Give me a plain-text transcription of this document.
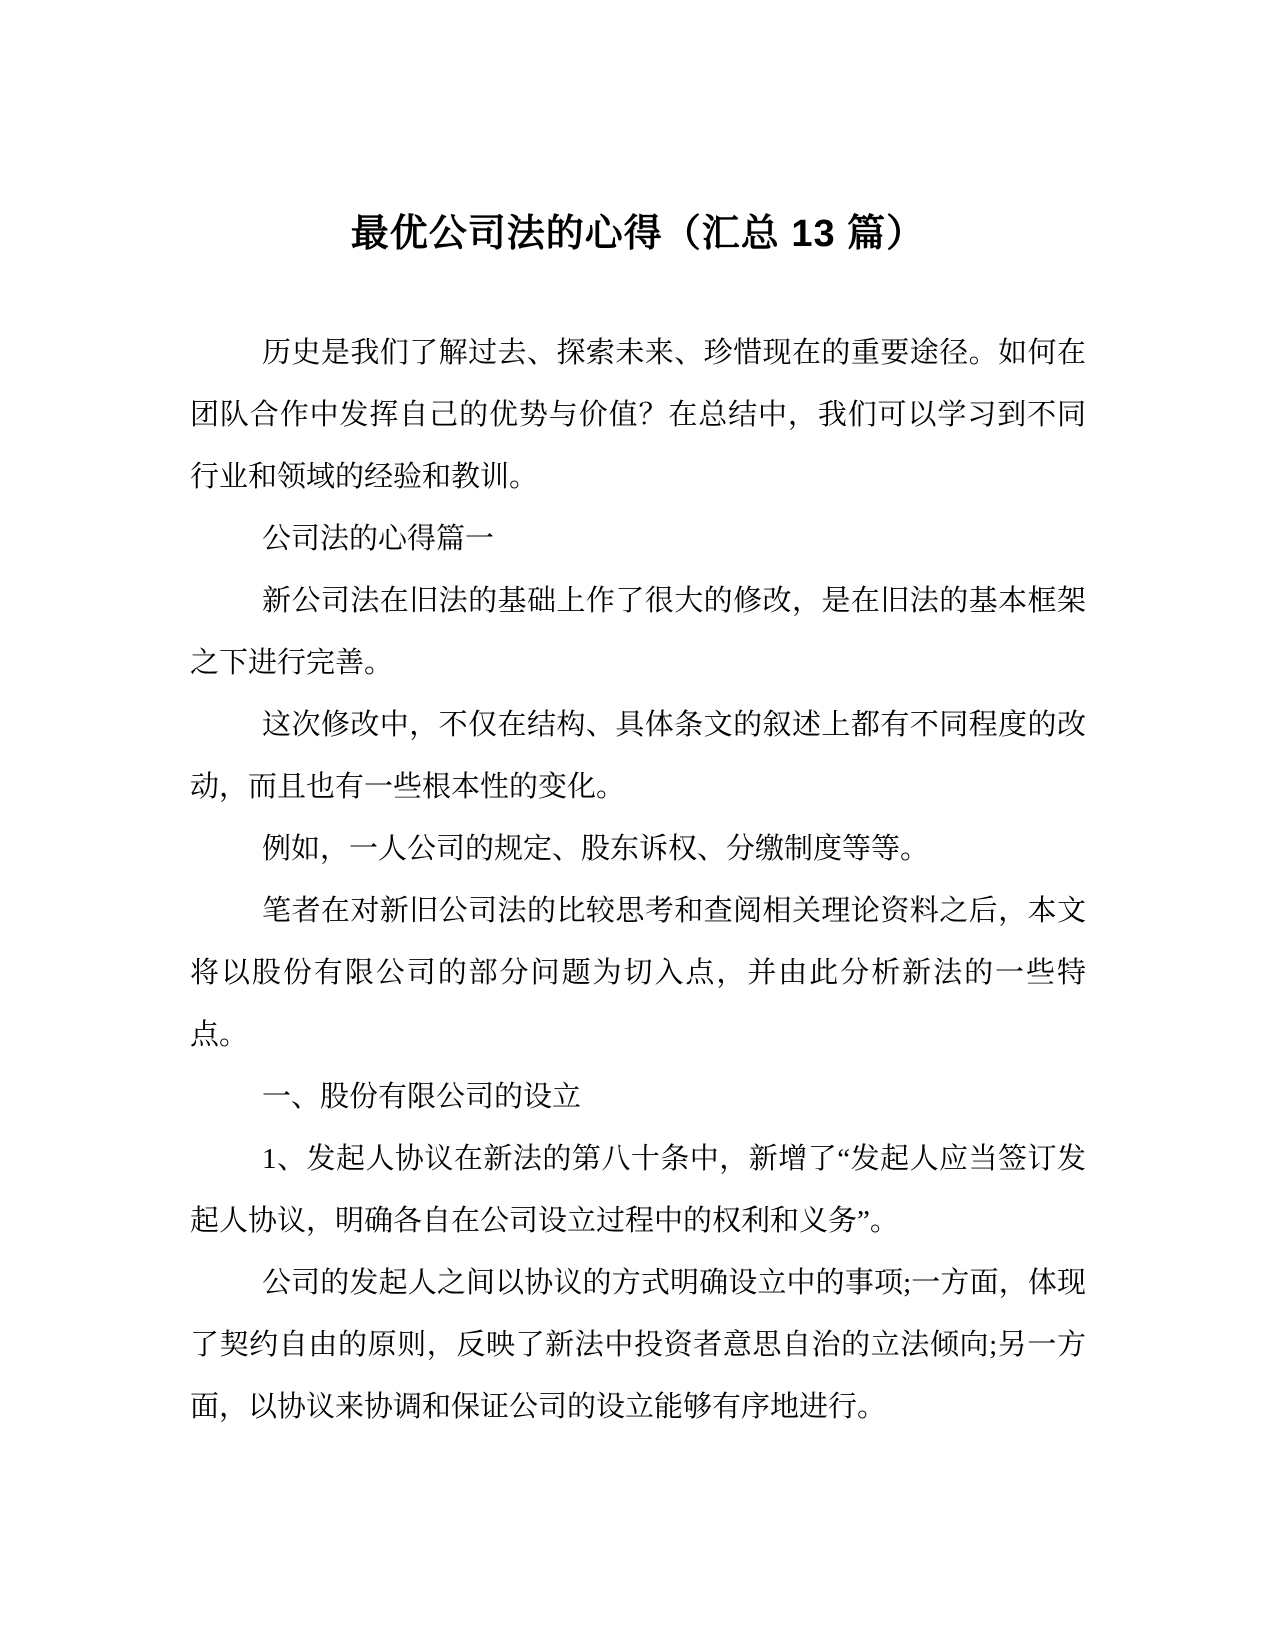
最优公司法的心得（汇总 13 篇）

历史是我们了解过去、探索未来、珍惜现在的重要途径。如何在团队合作中发挥自己的优势与价值？在总结中，我们可以学习到不同行业和领域的经验和教训。

公司法的心得篇一

新公司法在旧法的基础上作了很大的修改，是在旧法的基本框架之下进行完善。

这次修改中，不仅在结构、具体条文的叙述上都有不同程度的改动，而且也有一些根本性的变化。

例如，一人公司的规定、股东诉权、分缴制度等等。

笔者在对新旧公司法的比较思考和查阅相关理论资料之后，本文将以股份有限公司的部分问题为切入点，并由此分析新法的一些特点。

一、股份有限公司的设立

1、发起人协议在新法的第八十条中，新增了“发起人应当签订发起人协议，明确各自在公司设立过程中的权利和义务”。

公司的发起人之间以协议的方式明确设立中的事项;一方面，体现了契约自由的原则，反映了新法中投资者意思自治的立法倾向;另一方面，以协议来协调和保证公司的设立能够有序地进行。
